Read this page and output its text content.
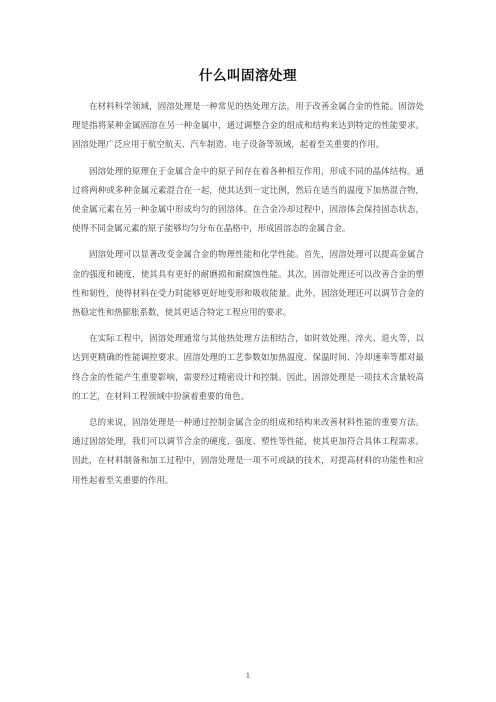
什么叫固溶处理

在材料科学领域，固溶处理是一种常见的热处理方法，用于改善金属合金的性能。固溶处理是指将某种金属固溶在另一种金属中，通过调整合金的组成和结构来达到特定的性能要求。固溶处理广泛应用于航空航天、汽车制造、电子设备等领域，起着至关重要的作用。

固溶处理的原理在于金属合金中的原子间存在着各种相互作用，形成不同的晶体结构。通过将两种或多种金属元素混合在一起，使其达到一定比例，然后在适当的温度下加热混合物，使金属元素在另一种金属中形成均匀的固溶体。在合金冷却过程中，固溶体会保持固态状态，使得不同金属元素的原子能够均匀分布在晶格中，形成固溶态的金属合金。

固溶处理可以显著改变金属合金的物理性能和化学性能。首先，固溶处理可以提高金属合金的强度和硬度，使其具有更好的耐磨损和耐腐蚀性能。其次，固溶处理还可以改善合金的塑性和韧性，使得材料在受力时能够更好地变形和吸收能量。此外，固溶处理还可以调节合金的热稳定性和热膨胀系数，使其更适合特定工程应用的要求。

在实际工程中，固溶处理通常与其他热处理方法相结合，如时效处理、淬火、退火等，以达到更精确的性能调控要求。固溶处理的工艺参数如加热温度、保温时间、冷却速率等都对最终合金的性能产生重要影响，需要经过精密设计和控制。因此，固溶处理是一项技术含量较高的工艺，在材料工程领域中扮演着重要的角色。

总的来说，固溶处理是一种通过控制金属合金的组成和结构来改善材料性能的重要方法。通过固溶处理，我们可以调节合金的硬度、强度、塑性等性能，使其更加符合具体工程需求。因此，在材料制备和加工过程中，固溶处理是一项不可或缺的技术，对提高材料的功能性和应用性起着至关重要的作用。

1
